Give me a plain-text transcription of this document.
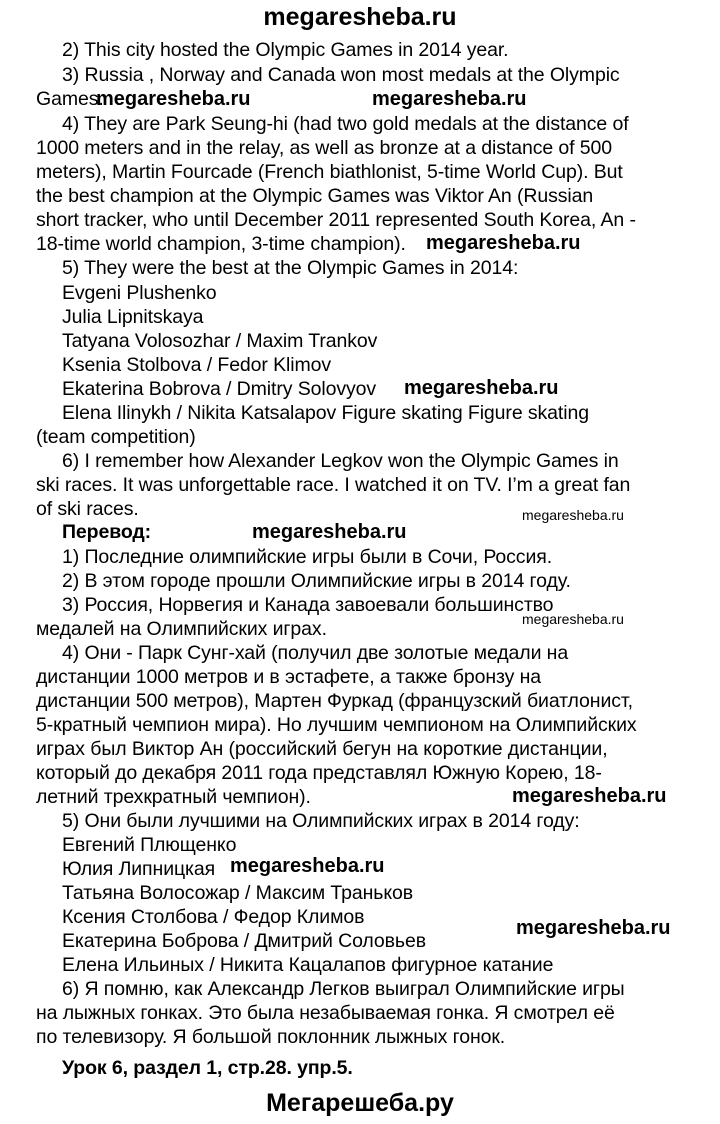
megaresheba.ru
2) This city hosted the Olympic Games in 2014 year.
3) Russia , Norway and Canada won most medals at the Olympic
Games.
megaresheba.ru	megaresheba.ru
4) They are Park Seung-hi (had two gold medals at the distance of
1000 meters and in the relay, as well as bronze at a distance of 500
meters), Martin Fourcade (French biathlonist, 5-time World Cup). But
the best champion at the Olympic Games was Viktor An (Russian
short tracker, who until December 2011 represented South Korea, An -
18-time world champion, 3-time champion). megaresheba.ru
5) They were the best at the Olympic Games in 2014:
Evgeni Plushenko
Julia Lipnitskaya
Tatyana Volosozhar / Maxim Trankov
Ksenia Stolbova / Fedor Klimov
Ekaterina Bobrova / Dmitry Solovyov megaresheba.ru
Elena Ilinykh / Nikita Katsalapov Figure skating Figure skating
(team competition)
6) I remember how Alexander Legkov won the Olympic Games in
ski races. It was unforgettable race. I watched it on TV. I’m a great fan
of ski races.	megaresheba.ru
Перевод:	megaresheba.ru
1) Последние олимпийские игры были в Сочи, Россия.
2) В этом городе прошли Олимпийские игры в 2014 году.
3) Россия, Норвегия и Канада завоевали большинство
megaresheba.ru
медалей на Олимпийских играх.
4) Они - Парк Сунг-хай (получил две золотые медали на
дистанции 1000 метров и в эстафете, а также бронзу на
дистанции 500 метров), Мартен Фуркад (французский биатлонист,
5-кратный чемпион мира). Но лучшим чемпионом на Олимпийских
играх был Виктор Ан (российский бегун на короткие дистанции,
который до декабря 2011 года представлял Южную Корею, 18-
летний трехкратный чемпион).	megaresheba.ru
5) Они были лучшими на Олимпийских играх в 2014 году:
Евгений Плющенко
Юлия Липницкая megaresheba.ru
Татьяна Волосожар / Максим Траньков
Ксения Столбова / Федор Климов	megaresheba.ru
Екатерина Боброва / Дмитрий Соловьев
Елена Ильиных / Никита Кацалапов фигурное катание
6) Я помню, как Александр Легков выиграл Олимпийские игры
на лыжных гонках. Это была незабываемая гонка. Я смотрел её
по телевизору. Я большой поклонник лыжных гонок.
Урок 6, раздел 1, стр.28. упр.5.
Мегарешеба.ру
